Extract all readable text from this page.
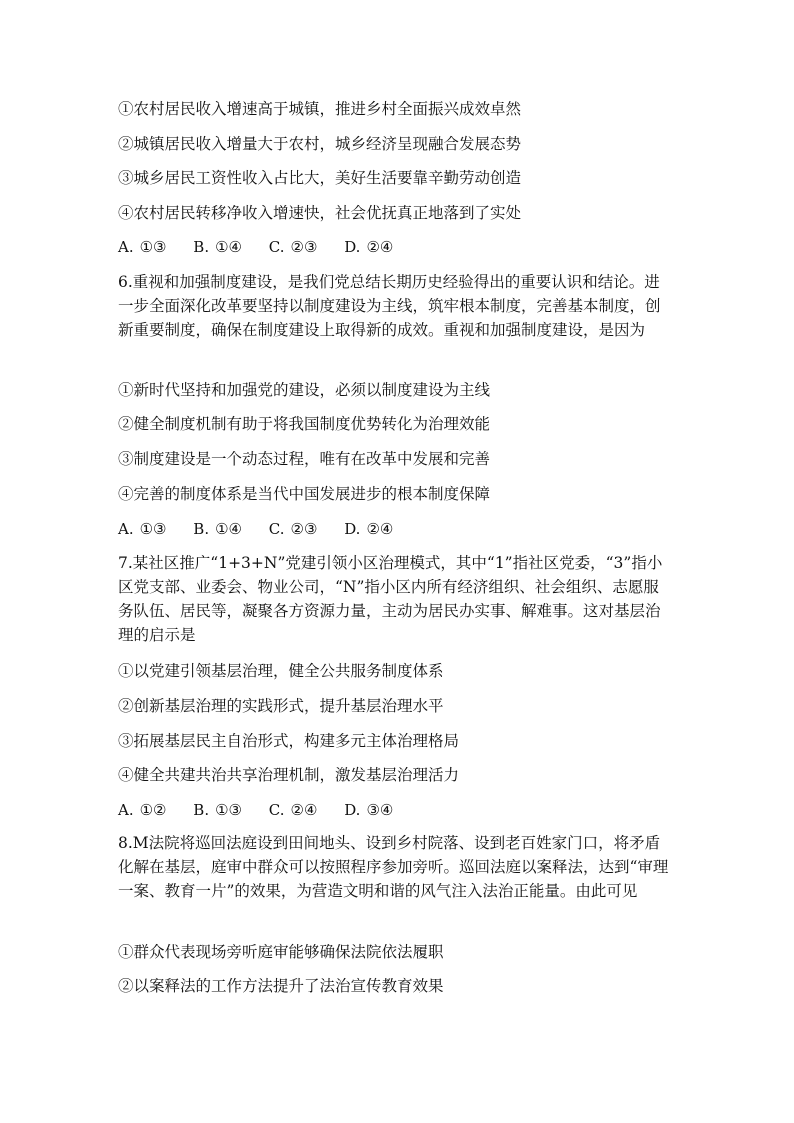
①农村居民收入增速高于城镇，推进乡村全面振兴成效卓然
②城镇居民收入增量大于农村，城乡经济呈现融合发展态势
③城乡居民工资性收入占比大，美好生活要靠辛勤劳动创造
④农村居民转移净收入增速快，社会优抚真正地落到了实处
A. ①③ B. ①④ C. ②③ D. ②④
6.重视和加强制度建设，是我们党总结长期历史经验得出的重要认识和结论。进一步全面深化改革要坚持以制度建设为主线，筑牢根本制度，完善基本制度，创新重要制度，确保在制度建设上取得新的成效。重视和加强制度建设，是因为
①新时代坚持和加强党的建设，必须以制度建设为主线
②健全制度机制有助于将我国制度优势转化为治理效能
③制度建设是一个动态过程，唯有在改革中发展和完善
④完善的制度体系是当代中国发展进步的根本制度保障
A. ①③ B. ①④ C. ②③ D. ②④
7.某社区推广“1+3+N”党建引领小区治理模式，其中“1”指社区党委，“3”指小区党支部、业委会、物业公司，“N”指小区内所有经济组织、社会组织、志愿服务队伍、居民等，凝聚各方资源力量，主动为居民办实事、解难事。这对基层治理的启示是
①以党建引领基层治理，健全公共服务制度体系
②创新基层治理的实践形式，提升基层治理水平
③拓展基层民主自治形式，构建多元主体治理格局
④健全共建共治共享治理机制，激发基层治理活力
A. ①② B. ①③ C. ②④ D. ③④
8.M法院将巡回法庭设到田间地头、设到乡村院落、设到老百姓家门口，将矛盾化解在基层，庭审中群众可以按照程序参加旁听。巡回法庭以案释法，达到“审理一案、教育一片”的效果，为营造文明和谐的风气注入法治正能量。由此可见
①群众代表现场旁听庭审能够确保法院依法履职
②以案释法的工作方法提升了法治宣传教育效果
